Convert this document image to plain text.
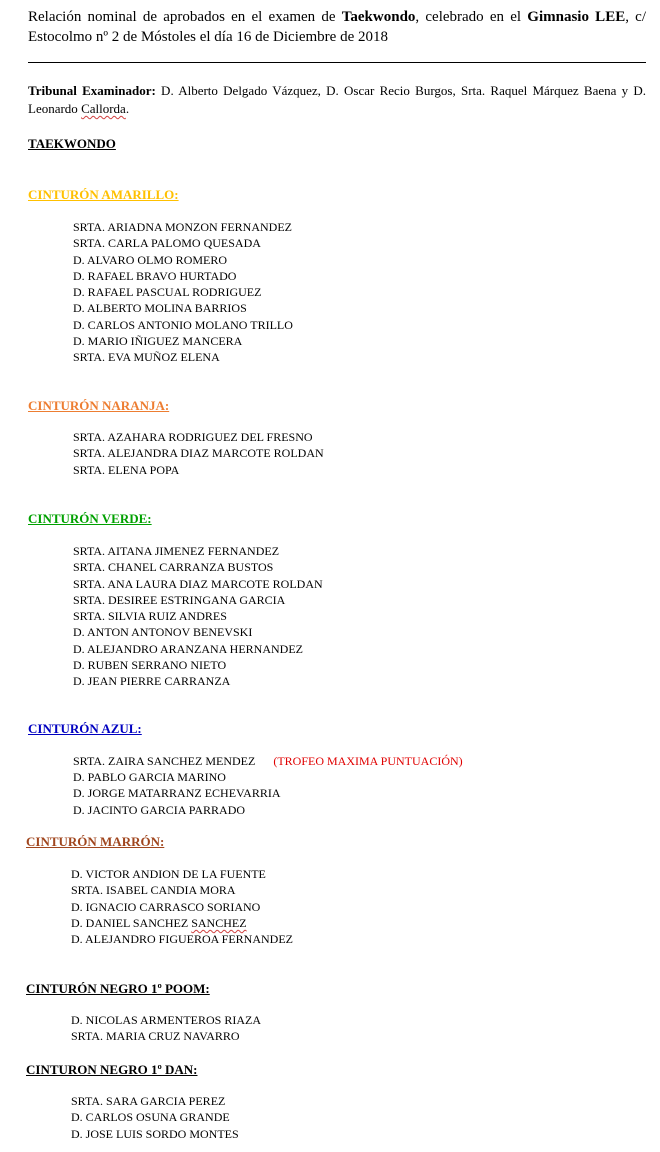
Relación nominal de aprobados en el examen de Taekwondo, celebrado en el Gimnasio LEE, c/ Estocolmo nº 2 de Móstoles el día 16 de Diciembre de 2018
Tribunal Examinador: D. Alberto Delgado Vázquez, D. Oscar Recio Burgos, Srta. Raquel Márquez Baena y D. Leonardo Callorda.
TAEKWONDO
CINTURÓN AMARILLO:
SRTA. ARIADNA MONZON FERNANDEZ
SRTA. CARLA PALOMO QUESADA
D. ALVARO OLMO ROMERO
D. RAFAEL BRAVO HURTADO
D. RAFAEL PASCUAL RODRIGUEZ
D. ALBERTO MOLINA BARRIOS
D. CARLOS ANTONIO MOLANO TRILLO
D. MARIO IÑIGUEZ MANCERA
SRTA. EVA MUÑOZ ELENA
CINTURÓN NARANJA:
SRTA. AZAHARA RODRIGUEZ DEL FRESNO
SRTA. ALEJANDRA DIAZ MARCOTE ROLDAN
SRTA. ELENA POPA
CINTURÓN VERDE:
SRTA. AITANA JIMENEZ FERNANDEZ
SRTA. CHANEL CARRANZA BUSTOS
SRTA. ANA LAURA DIAZ MARCOTE ROLDAN
SRTA. DESIREE ESTRINGANA GARCIA
SRTA. SILVIA RUIZ ANDRES
D. ANTON ANTONOV BENEVSKI
D. ALEJANDRO ARANZANA HERNANDEZ
D. RUBEN SERRANO NIETO
D. JEAN PIERRE CARRANZA
CINTURÓN AZUL:
SRTA. ZAIRA SANCHEZ MENDEZ (TROFEO MAXIMA PUNTUACIÓN)
D. PABLO GARCIA MARINO
D. JORGE MATARRANZ ECHEVARRIA
D. JACINTO GARCIA PARRADO
CINTURÓN MARRÓN:
D. VICTOR ANDION DE LA FUENTE
SRTA. ISABEL CANDIA MORA
D. IGNACIO CARRASCO SORIANO
D. DANIEL SANCHEZ SANCHEZ
D. ALEJANDRO FIGUEROA FERNANDEZ
CINTURÓN NEGRO 1º POOM:
D. NICOLAS ARMENTEROS RIAZA
SRTA. MARIA CRUZ NAVARRO
CINTURON NEGRO 1º DAN:
SRTA. SARA GARCIA PEREZ
D. CARLOS OSUNA GRANDE
D. JOSE LUIS SORDO MONTES
